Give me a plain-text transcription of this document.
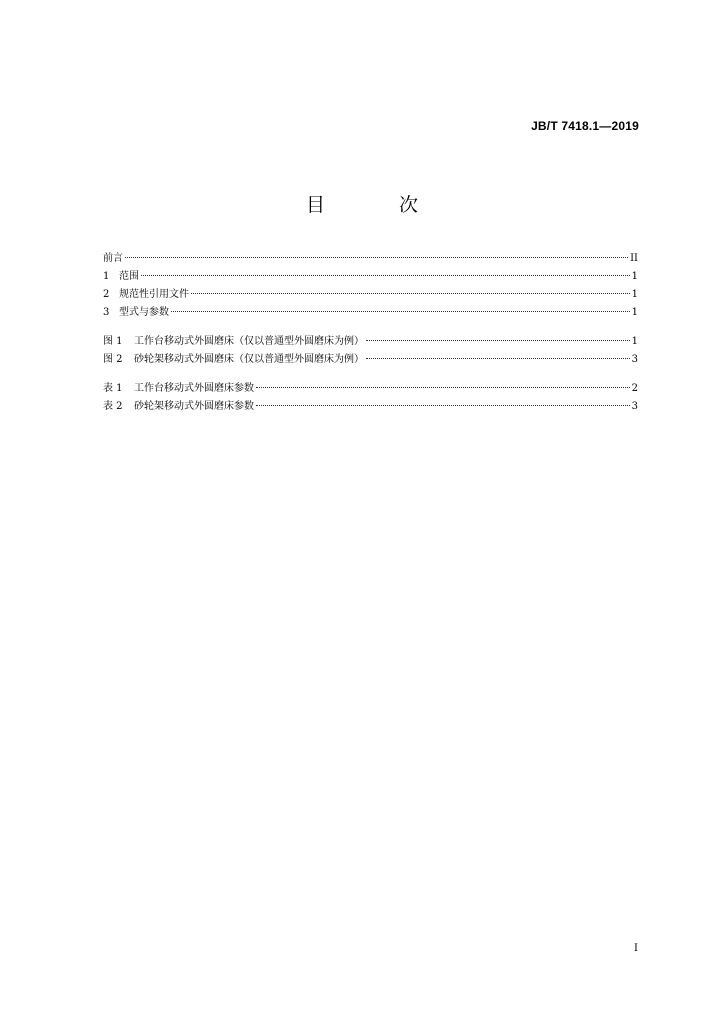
JB/T 7418.1—2019
目 次
前言	II
1 范围	1
2 规范性引用文件	1
3 型式与参数	1
图 1	工作台移动式外圆磨床（仅以普通型外圆磨床为例）	1
图 2	砂轮架移动式外圆磨床（仅以普通型外圆磨床为例）	3
表 1	工作台移动式外圆磨床参数	2
表 2	砂轮架移动式外圆磨床参数	3
I
